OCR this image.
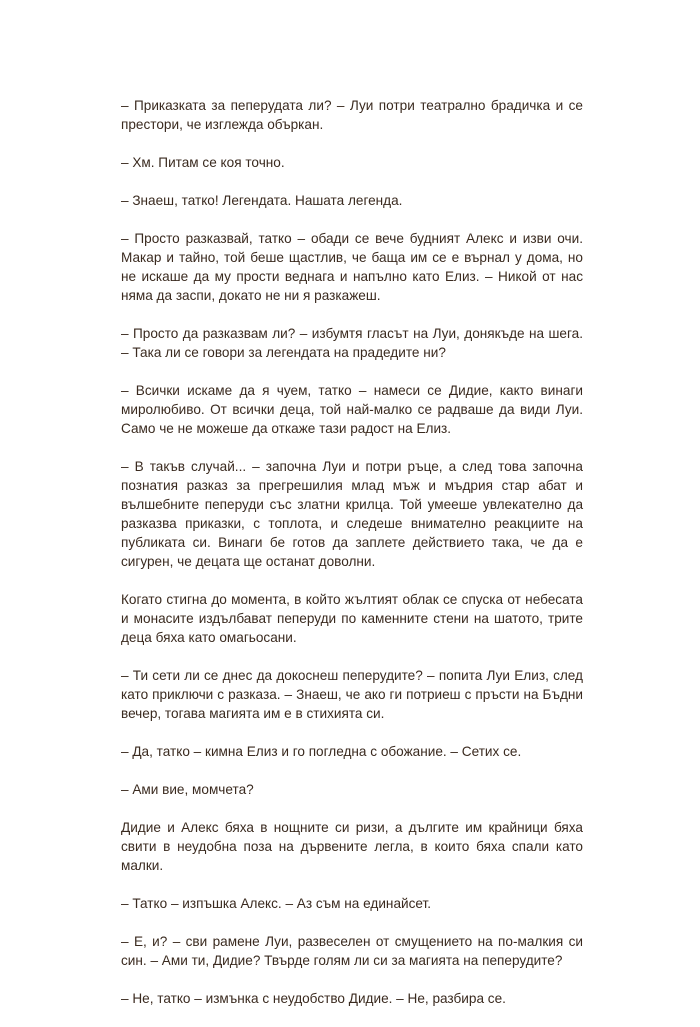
– Приказката за пеперудата ли? – Луи потри театрално брадичка и се престори, че изглежда объркан.

– Хм. Питам се коя точно.

– Знаеш, татко! Легендата. Нашата легенда.

– Просто разказвай, татко – обади се вече будният Алекс и изви очи. Макар и тайно, той беше щастлив, че баща им се е върнал у дома, но не искаше да му прости веднага и напълно като Елиз. – Никой от нас няма да заспи, докато не ни я разкажеш.

– Просто да разказвам ли? – избумтя гласът на Луи, донякъде на шега. – Така ли се говори за легендата на прадедите ни?

– Всички искаме да я чуем, татко – намеси се Дидие, както винаги миролюбиво. От всички деца, той най-малко се радваше да види Луи. Само че не можеше да откаже тази радост на Елиз.

– В такъв случай... – започна Луи и потри ръце, а след това започна познатия разказ за прегрешилия млад мъж и мъдрия стар абат и вълшебните пеперуди със златни крилца. Той умееше увлекателно да разказва приказки, с топлота, и следеше внимателно реакциите на публиката си. Винаги бе готов да заплете действието така, че да е сигурен, че децата ще останат доволни.

Когато стигна до момента, в който жълтият облак се спуска от небесата и монасите издълбават пеперуди по каменните стени на шатото, трите деца бяха като омагьосани.

– Ти сети ли се днес да докоснеш пеперудите? – попита Луи Елиз, след като приключи с разказа. – Знаеш, че ако ги потриеш с пръсти на Бъдни вечер, тогава магията им е в стихията си.

– Да, татко – кимна Елиз и го погледна с обожание. – Сетих се.

– Ами вие, момчета?

Дидие и Алекс бяха в нощните си ризи, а дългите им крайници бяха свити в неудобна поза на дървените легла, в които бяха спали като малки.

– Татко – изпъшка Алекс. – Аз съм на единайсет.

– Е, и? – сви рамене Луи, развеселен от смущението на по-малкия си син. – Ами ти, Дидие? Твърде голям ли си за магията на пеперудите?

– Не, татко – измънка с неудобство Дидие. – Не, разбира се.
